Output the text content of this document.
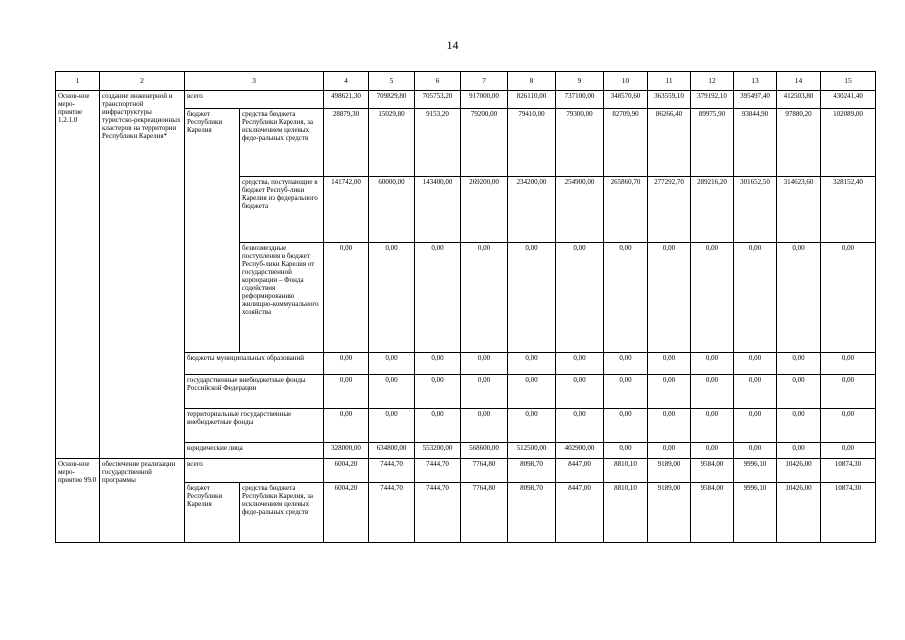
14
1	2	3		4	5	6	7	8	9	10	11	12	13	14	15
Основ-ное меро-приятие 1.2.1.0	создание инженерной и транспортной инфраструктуры туристско-рекреационных кластеров на территории Республики Карелия*	всего		498621,30	709829,80	705753,20	917000,00	826110,00	737100,00	348570,60	363559,10	379192,10	395497,40	412503,80	430241,40
		бюджет Республики Карелия	средства бюджета Республики Карелия, за исключением целевых феде-ральных средств	28879,30	15029,80	9153,20	79200,00	79410,00	79300,00	82709,90	86266,40	89975,90	93844,90	97880,20	102089,00
			средства, поступающие в бюджет Респуб-лики Карелия из федерального бюджета	141742,00	60000,00	143400,00	269200,00	234200,00	254900,00	265860,70	277292,70	289216,20	301652,50	314623,60	328152,40
			безвозмездные поступления в бюджет Респуб-лики Карелия от государственной корпорации – Фонда содействия реформированию жилищно-коммунального хозяйства	0,00	0,00	0,00	0,00	0,00	0,00	0,00	0,00	0,00	0,00	0,00	0,00
		бюджеты муниципальных образований		0,00	0,00	0,00	0,00	0,00	0,00	0,00	0,00	0,00	0,00	0,00	0,00
		государственные внебюджетные фонды Российской Федерации		0,00	0,00	0,00	0,00	0,00	0,00	0,00	0,00	0,00	0,00	0,00	0,00
		территориальные государственные внебюджетные фонды		0,00	0,00	0,00	0,00	0,00	0,00	0,00	0,00	0,00	0,00	0,00	0,00
		юридические лица		328000,00	634800,00	553200,00	568600,00	512500,00	402900,00	0,00	0,00	0,00	0,00	0,00	0,00
Основ-ное меро-приятие 99.0	обеспечение реализации государственной программы	всего		6004,20	7444,70	7444,70	7764,80	8098,70	8447,00	8810,10	9189,00	9584,00	9996,10	10426,00	10874,30
		бюджет Республики Карелия	средства бюджета Республики Карелия, за исключением целевых феде-ральных средств	6004,20	7444,70	7444,70	7764,80	8098,70	8447,00	8810,10	9189,00	9584,00	9996,10	10426,00	10874,30
